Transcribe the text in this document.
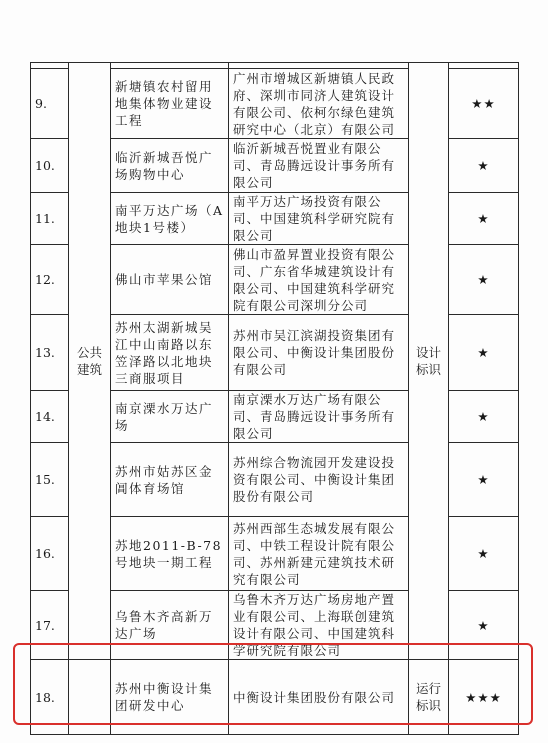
	公共建筑			设计标识	
9.		新塘镇农村留用地集体物业建设工程	广州市增城区新塘镇人民政府、深圳市同济人建筑设计有限公司、依柯尔绿色建筑研究中心（北京）有限公司		★★
10.		临沂新城吾悦广场购物中心	临沂新城吾悦置业有限公司、青岛腾远设计事务所有限公司		★
11.		南平万达广场（A地块1号楼）	南平万达广场投资有限公司、中国建筑科学研究院有限公司		★
12.		佛山市苹果公馆	佛山市盈昇置业投资有限公司、广东省华城建筑设计有限公司、中国建筑科学研究院有限公司深圳分公司		★
13.		苏州太湖新城吴江中山南路以东笠泽路以北地块三商服项目	苏州市吴江滨湖投资集团有限公司、中衡设计集团股份有限公司		★
14.		南京溧水万达广场	南京溧水万达广场有限公司、青岛腾远设计事务所有限公司		★
15.		苏州市姑苏区金阊体育场馆	苏州综合物流园开发建设投资有限公司、中衡设计集团股份有限公司		★
16.		苏地2011-B-78号地块一期工程	苏州西部生态城发展有限公司、中铁工程设计院有限公司、苏州新建元建筑技术研究有限公司		★
17.		乌鲁木齐高新万达广场	乌鲁木齐万达广场房地产置业有限公司、上海联创建筑设计有限公司、中国建筑科学研究院有限公司		★
18.		苏州中衡设计集团研发中心	中衡设计集团股份有限公司	运行标识	★★★
